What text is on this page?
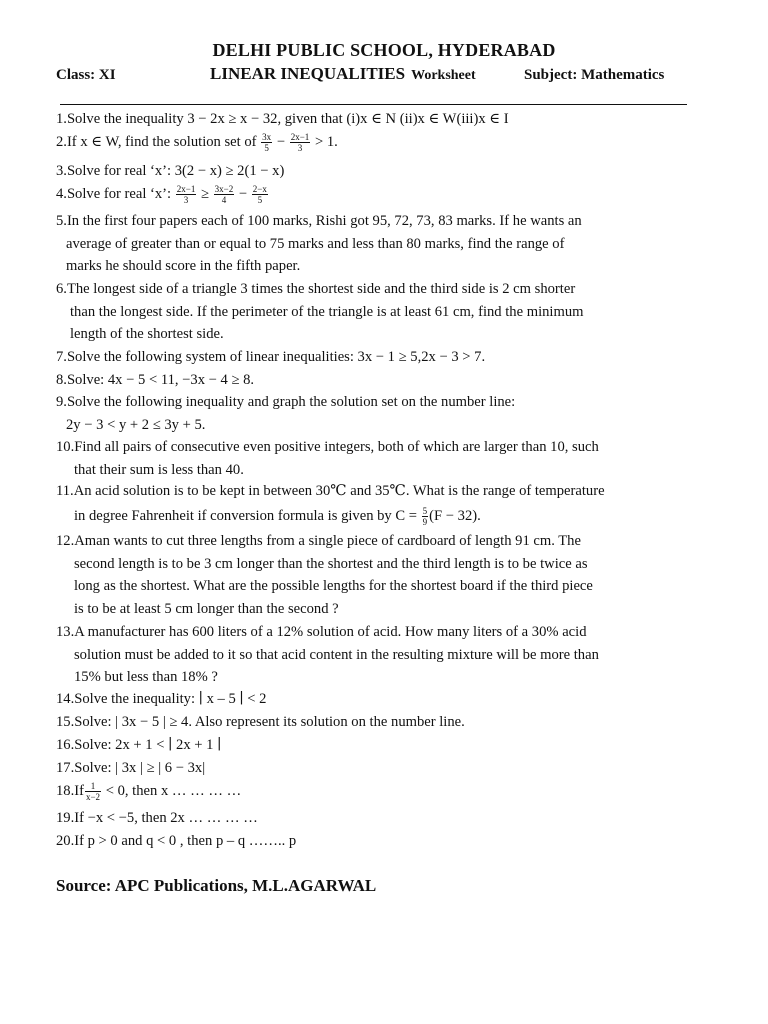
DELHI PUBLIC SCHOOL, HYDERABAD
Class: XI	LINEAR INEQUALITIES Worksheet	Subject: Mathematics
1.Solve the inequality 3 − 2x ≥ x − 32, given that (i)x ∈ N (ii)x ∈ W(iii)x ∈ I
2.If x ∈ W, find the solution set of $\frac{3x}{5} - \frac{2x-1}{3} > 1$.
3.Solve for real ‘x’: 3(2 − x) ≥ 2(1 − x)
4.Solve for real ‘x’: $\frac{2x-1}{3} \ge \frac{3x-2}{4} - \frac{2-x}{5}$
5.In the first four papers each of 100 marks, Rishi got 95, 72, 73, 83 marks. If he wants an
average of greater than or equal to 75 marks and less than 80 marks, find the range of
marks he should score in the fifth paper.
6.The longest side of a triangle 3 times the shortest side and the third side is 2 cm shorter
than the longest side. If the perimeter of the triangle is at least 61 cm, find the minimum
length of the shortest side.
7.Solve the following system of linear inequalities: 3x − 1 ≥ 5,2x − 3 > 7.
8.Solve: 4x − 5 < 11, −3x − 4 ≥ 8.
9.Solve the following inequality and graph the solution set on the number line:
2y − 3 < y + 2 ≤ 3y + 5.
10.Find all pairs of consecutive even positive integers, both of which are larger than 10, such
that their sum is less than 40.
11.An acid solution is to be kept in between 30℃ and 35℃. What is the range of temperature
in degree Fahrenheit if conversion formula is given by $C = \frac{5}{9} (F - 32)$.
12.Aman wants to cut three lengths from a single piece of cardboard of length 91 cm. The
second length is to be 3 cm longer than the shortest and the third length is to be twice as
long as the shortest. What are the possible lengths for the shortest board if the third piece
is to be at least 5 cm longer than the second ?
13.A manufacturer has 600 liters of a 12% solution of acid. How many liters of a 30% acid
solution must be added to it so that acid content in the resulting mixture will be more than
15% but less than 18% ?
14.Solve the inequality: ∣ x – 5 ∣ < 2
15.Solve: | 3x − 5 | ≥ 4. Also represent its solution on the number line.
16.Solve: 2x + 1 < ∣ 2x + 1 ∣
17.Solve: | 3x | ≥ | 6 − 3x|
$18.If \frac{1}{x-2} < 0$, then x … … … …
19.If −x < −5, then 2x … … … …
20.If p > 0 and q < 0 , then p – q …….. p
Source: APC Publications, M.L.AGARWAL
